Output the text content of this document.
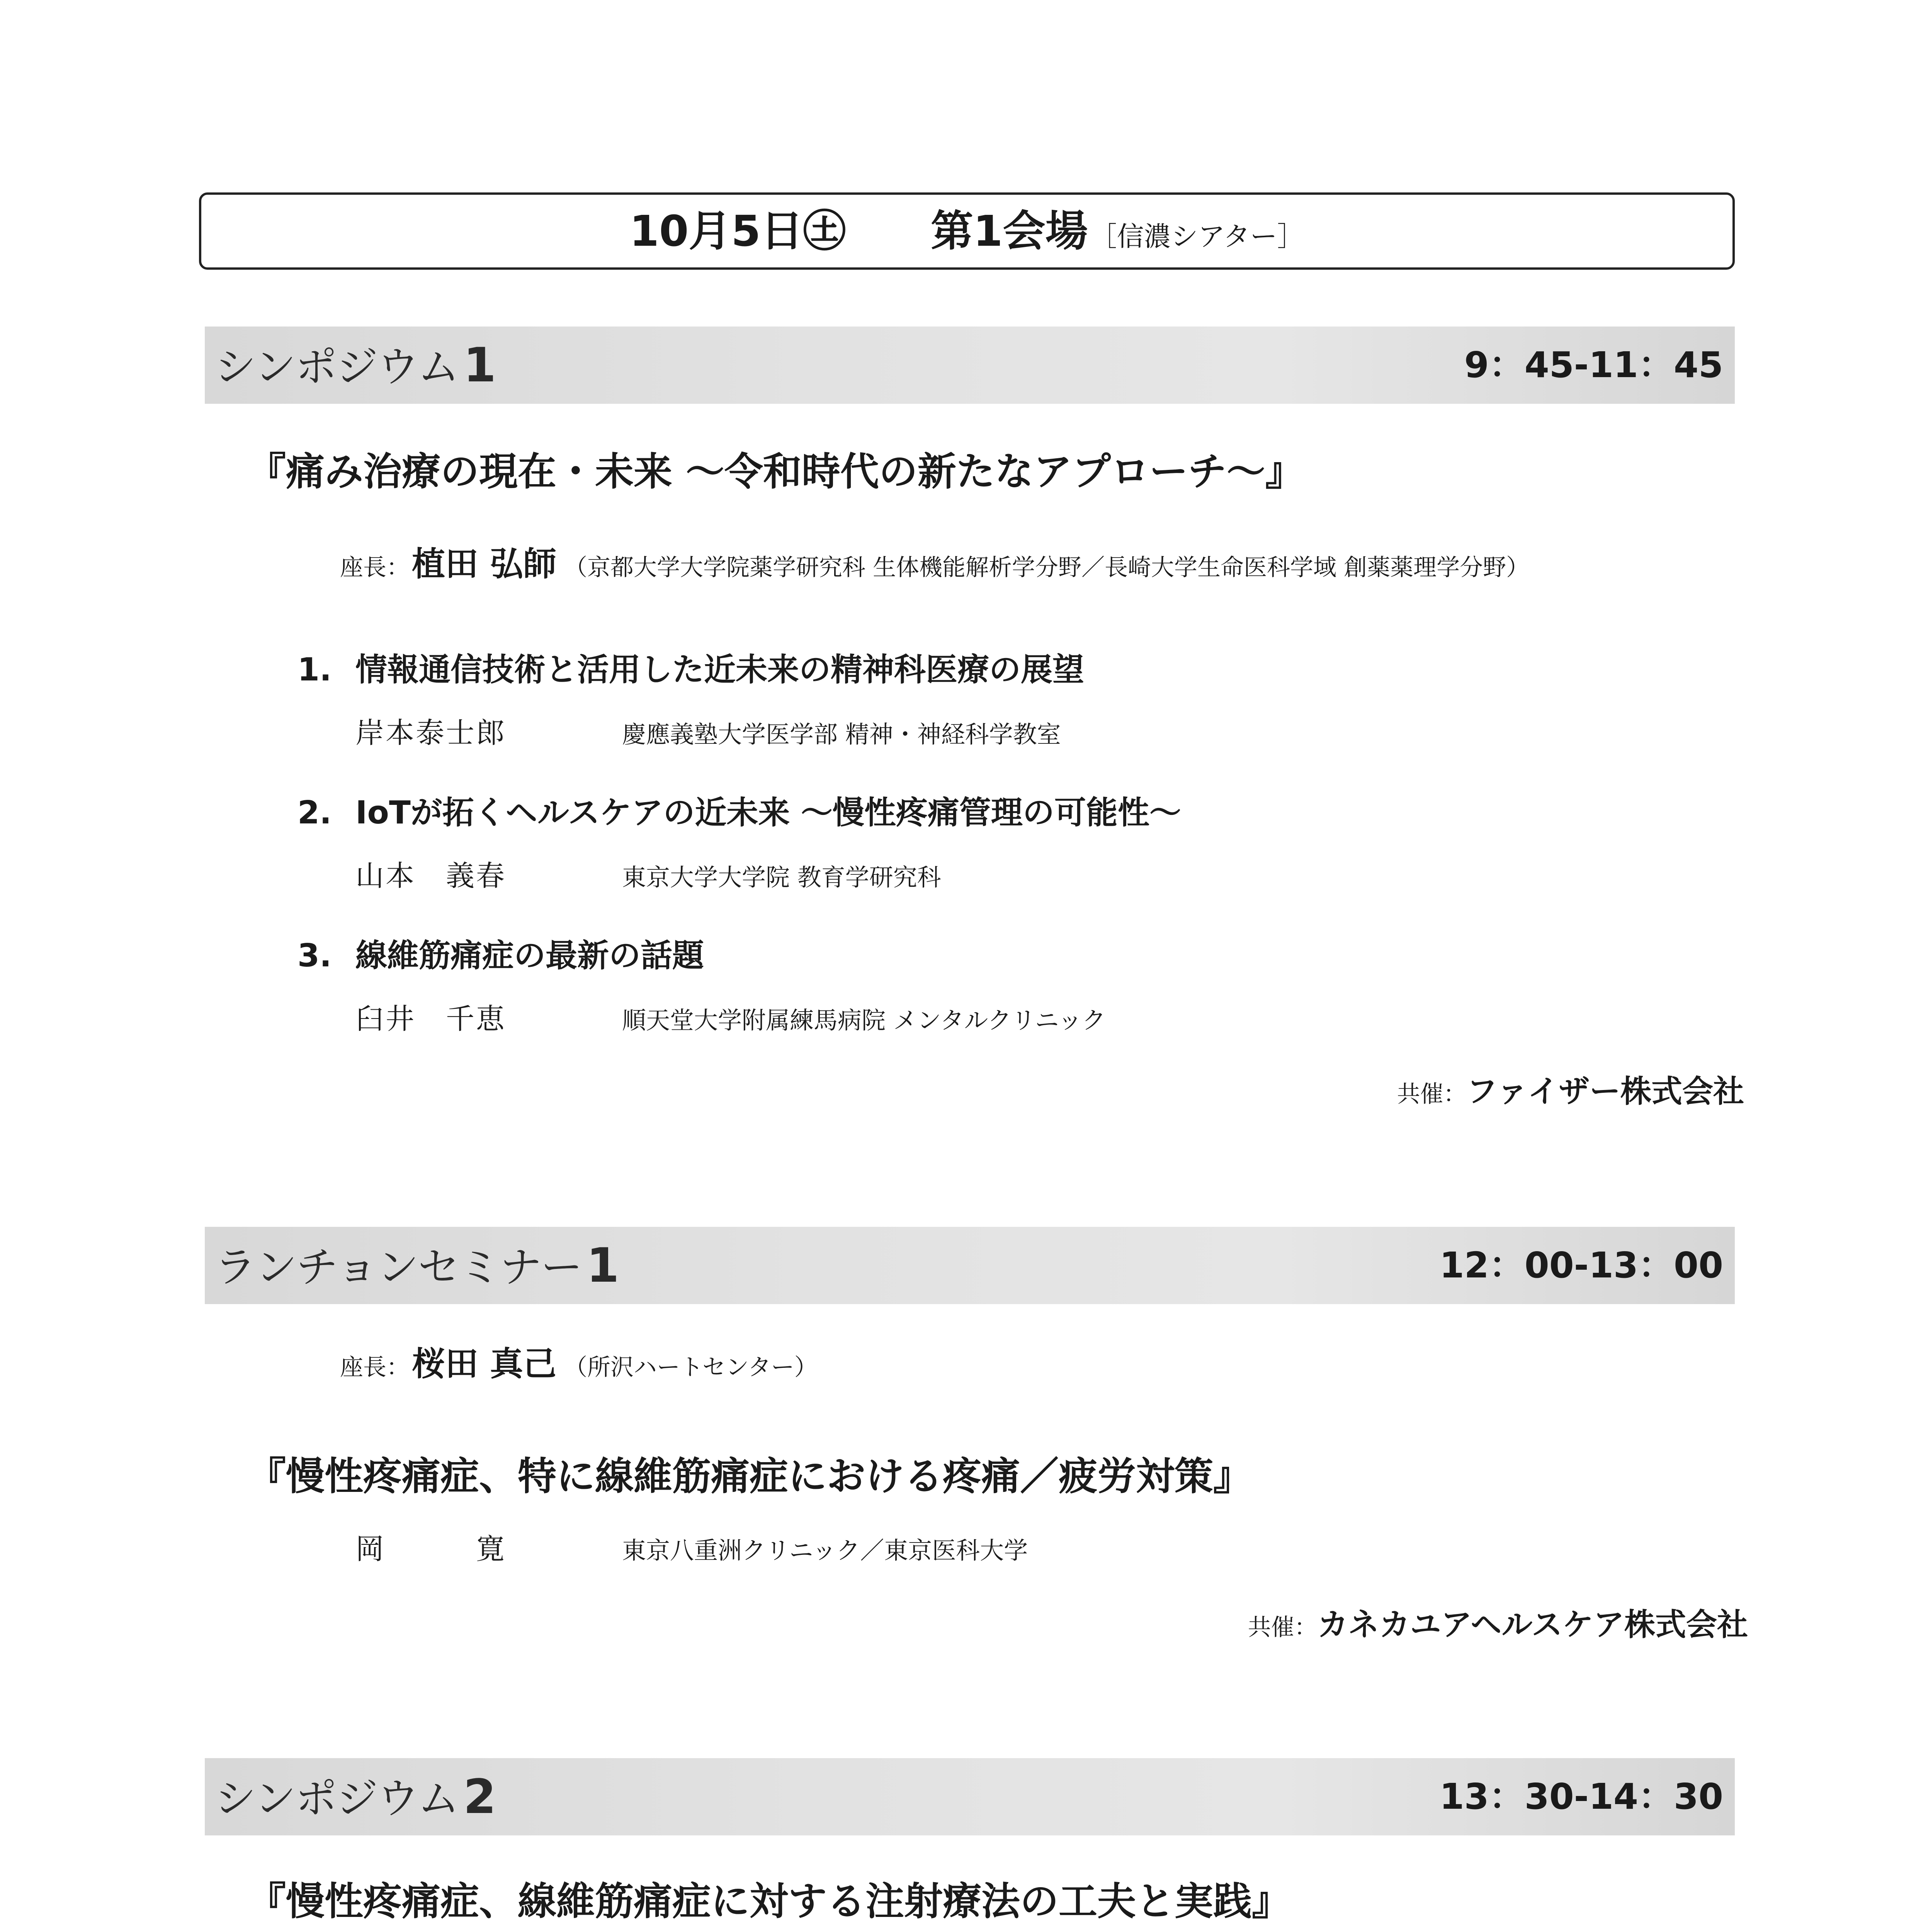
10月5日㊏ 第1会場 ［信濃シアター］
シンポジウム1	9：45-11：45
『痛み治療の現在・未来 ～令和時代の新たなアプローチ～』
座長：植田 弘師 （京都大学大学院薬学研究科 生体機能解析学分野／長崎大学生命医科学域 創薬薬理学分野）
1. 情報通信技術と活用した近未来の精神科医療の展望
岸本泰士郎	慶應義塾大学医学部 精神・神経科学教室
2. IoTが拓くヘルスケアの近未来 ～慢性疼痛管理の可能性～
山本　義春	東京大学大学院 教育学研究科
3. 線維筋痛症の最新の話題
臼井　千恵	順天堂大学附属練馬病院 メンタルクリニック
共催：ファイザー株式会社
ランチョンセミナー1	12：00-13：00
座長：桜田 真己 （所沢ハートセンター）
『慢性疼痛症、特に線維筋痛症における疼痛／疲労対策』
岡　　　寛	東京八重洲クリニック／東京医科大学
共催：カネカユアヘルスケア株式会社
シンポジウム2	13：30-14：30
『慢性疼痛症、線維筋痛症に対する注射療法の工夫と実践』
